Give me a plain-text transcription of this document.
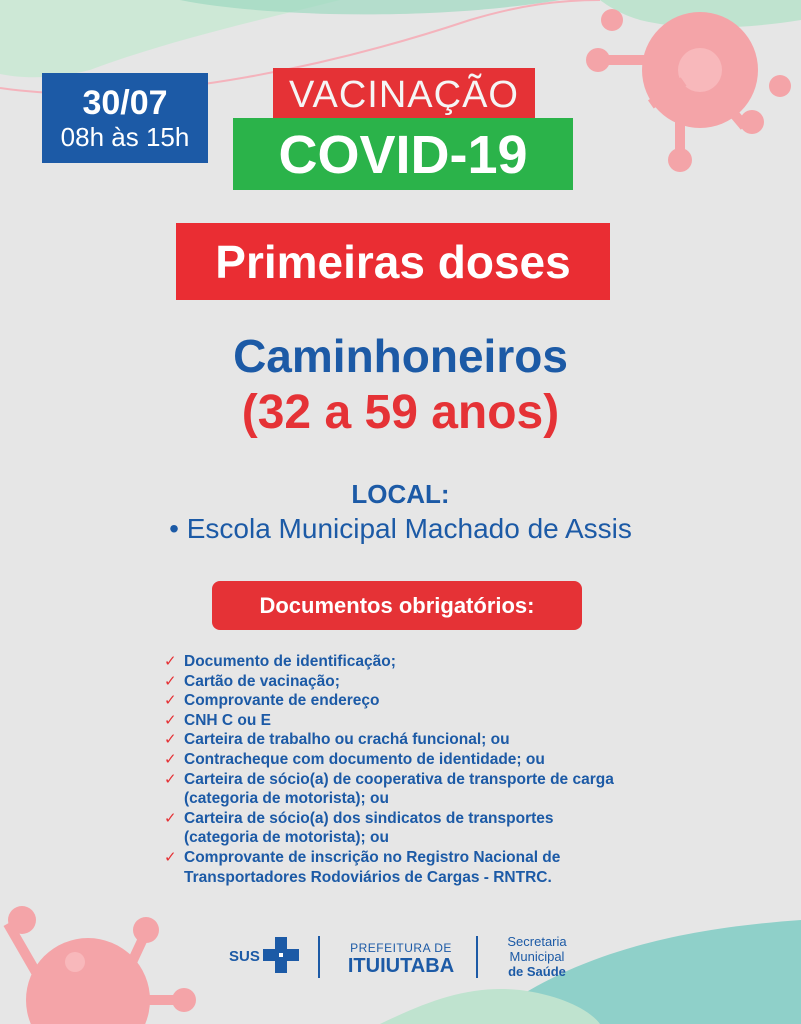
30/07
08h às 15h
VACINAÇÃO
COVID-19
Primeiras doses
Caminhoneiros
(32 a 59 anos)
LOCAL:
• Escola Municipal Machado de Assis
Documentos obrigatórios:
✓ Documento de identificação;
✓ Cartão de vacinação;
✓ Comprovante de endereço
✓ CNH C ou E
✓ Carteira de trabalho ou crachá funcional; ou
✓ Contracheque com documento de identidade; ou
✓ Carteira de sócio(a) de cooperativa de transporte de carga (categoria de motorista); ou
✓ Carteira de sócio(a) dos sindicatos de transportes (categoria de motorista); ou
✓ Comprovante de inscrição no Registro Nacional de Transportadores Rodoviários de Cargas - RNTRC.
SUS	PREFEITURA DE
ITUIUTABA
Secretaria
Municipal
de Saúde
